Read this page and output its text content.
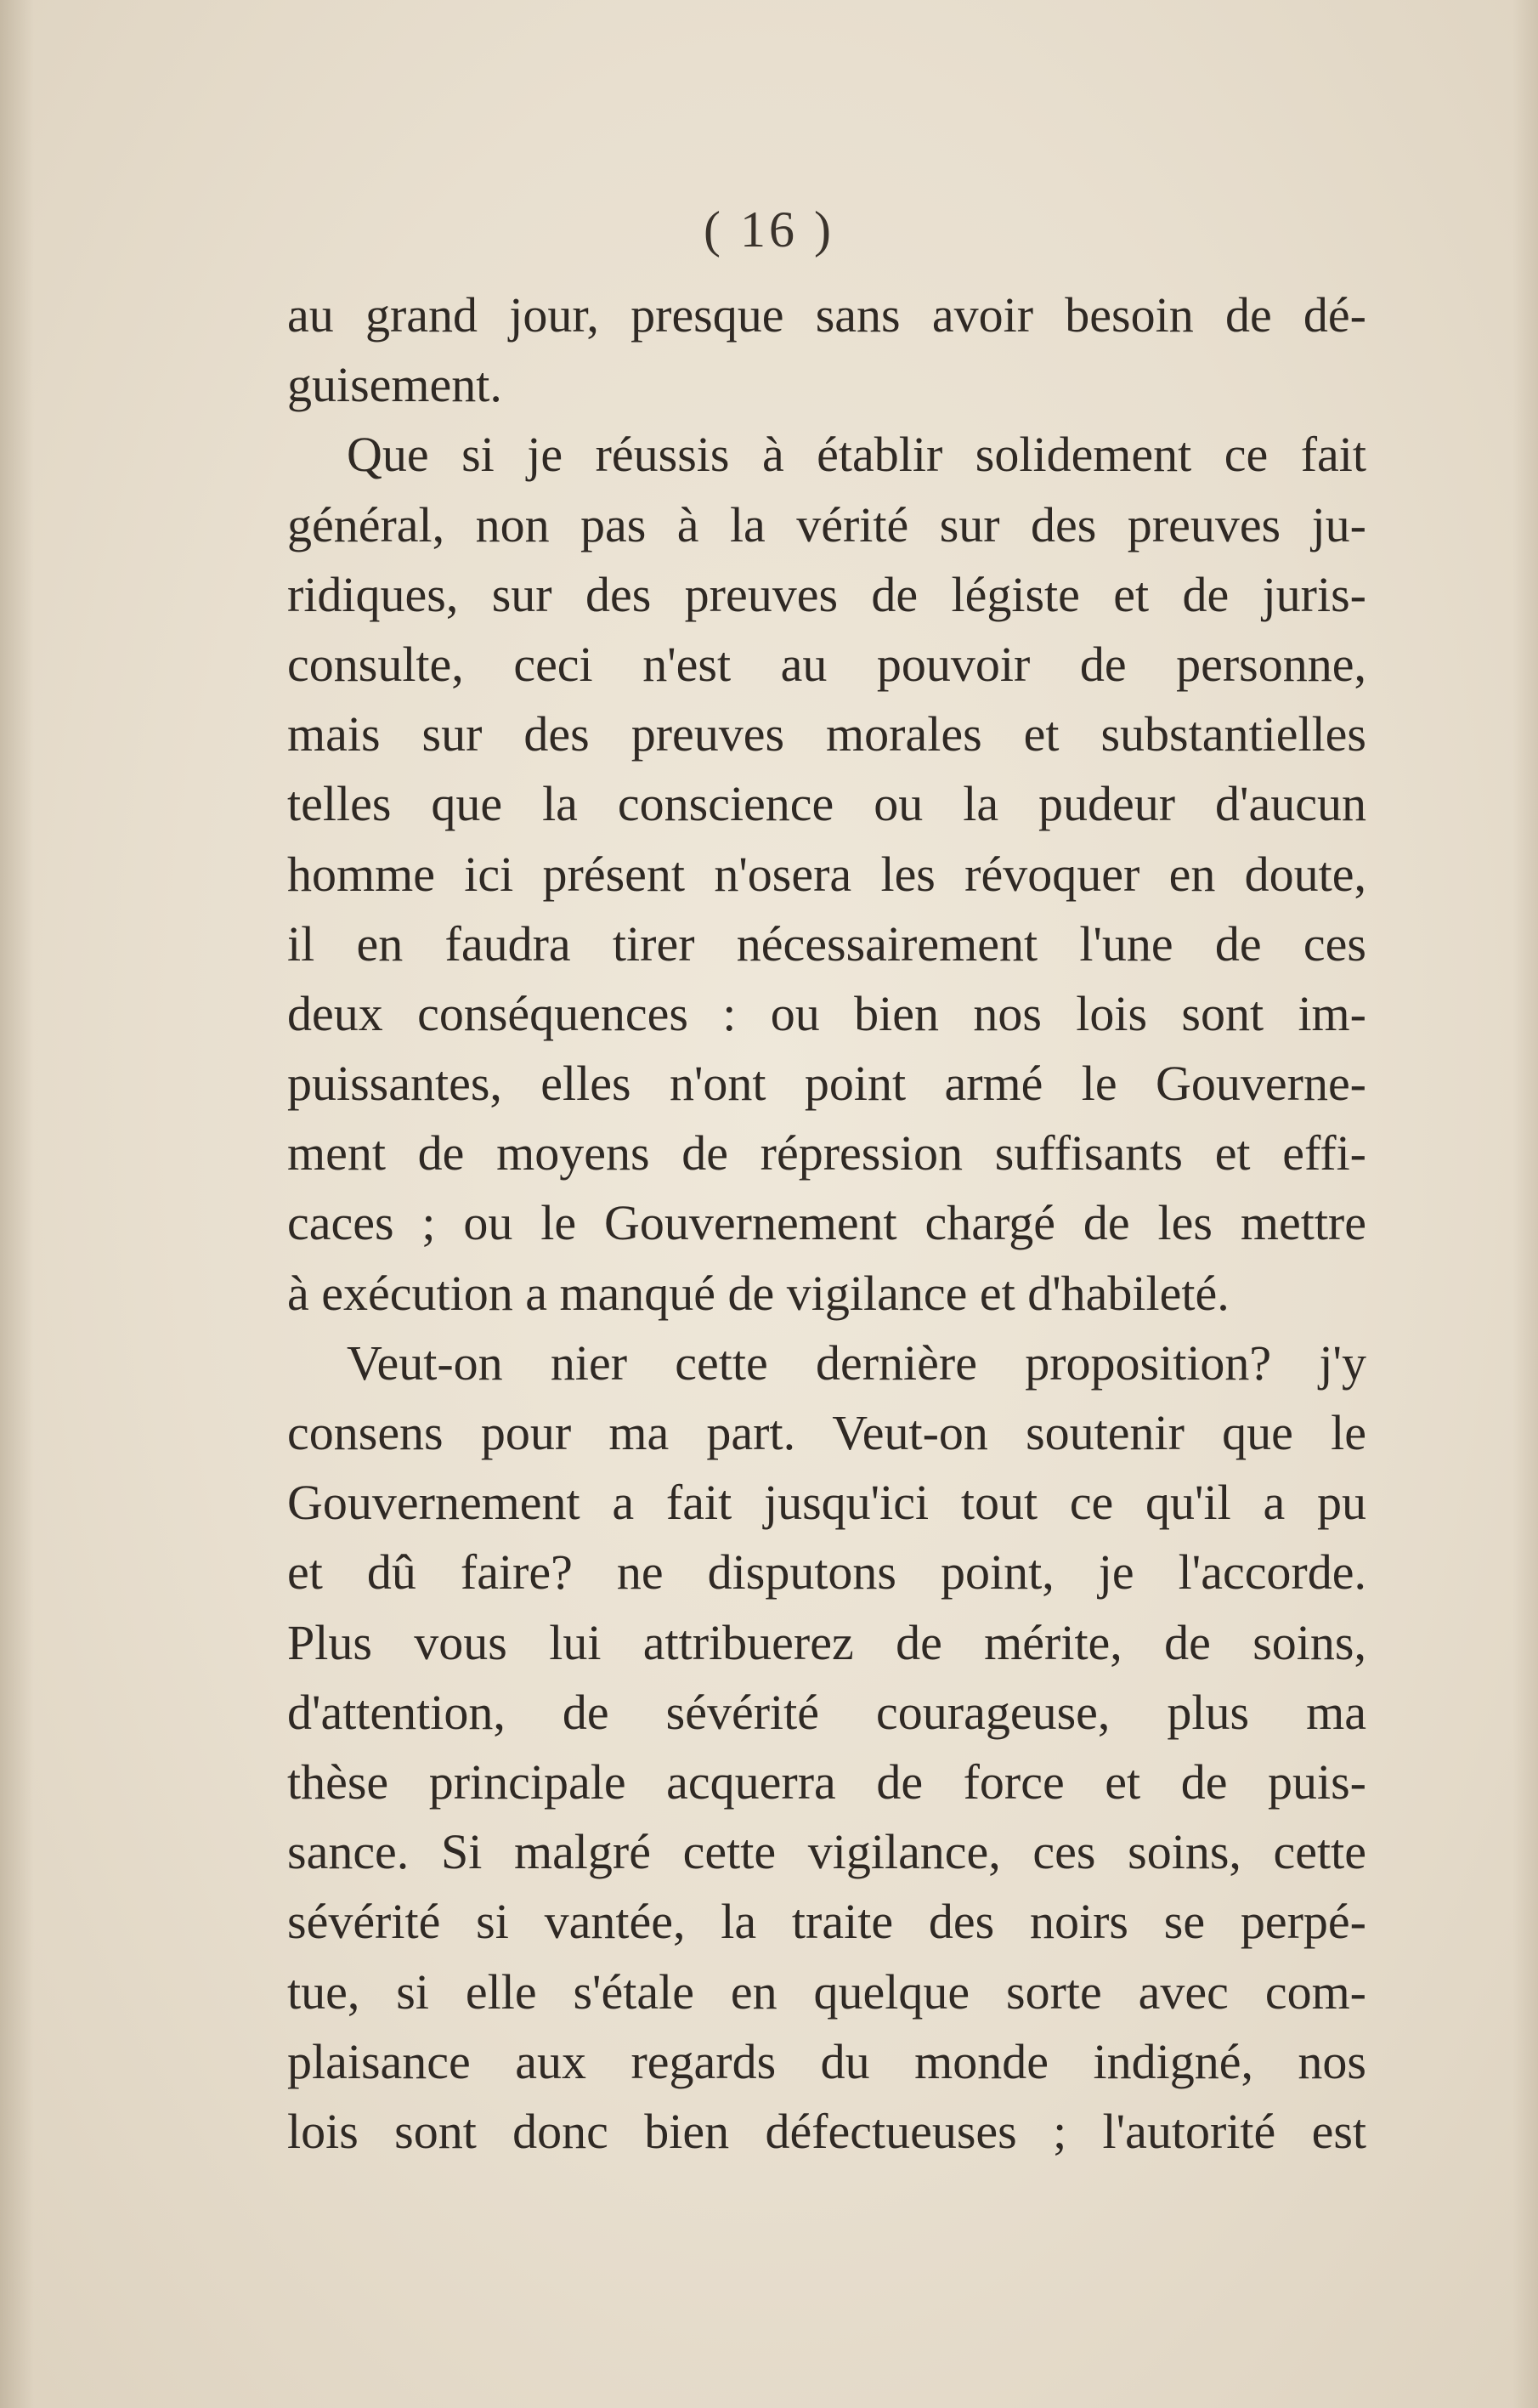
( 16 )
au grand jour, presque sans avoir besoin de dé-
guisement.
Que si je réussis à établir solidement ce fait
général, non pas à la vérité sur des preuves ju-
ridiques, sur des preuves de légiste et de juris-
consulte, ceci n'est au pouvoir de personne,
mais sur des preuves morales et substantielles
telles que la conscience ou la pudeur d'aucun
homme ici présent n'osera les révoquer en doute,
il en faudra tirer nécessairement l'une de ces
deux conséquences : ou bien nos lois sont im-
puissantes, elles n'ont point armé le Gouverne-
ment de moyens de répression suffisants et effi-
caces ; ou le Gouvernement chargé de les mettre
à exécution a manqué de vigilance et d'habileté.
Veut-on nier cette dernière proposition? j'y
consens pour ma part. Veut-on soutenir que le
Gouvernement a fait jusqu'ici tout ce qu'il a pu
et dû faire? ne disputons point, je l'accorde.
Plus vous lui attribuerez de mérite, de soins,
d'attention, de sévérité courageuse, plus ma
thèse principale acquerra de force et de puis-
sance. Si malgré cette vigilance, ces soins, cette
sévérité si vantée, la traite des noirs se perpé-
tue, si elle s'étale en quelque sorte avec com-
plaisance aux regards du monde indigné, nos
lois sont donc bien défectueuses ; l'autorité est
